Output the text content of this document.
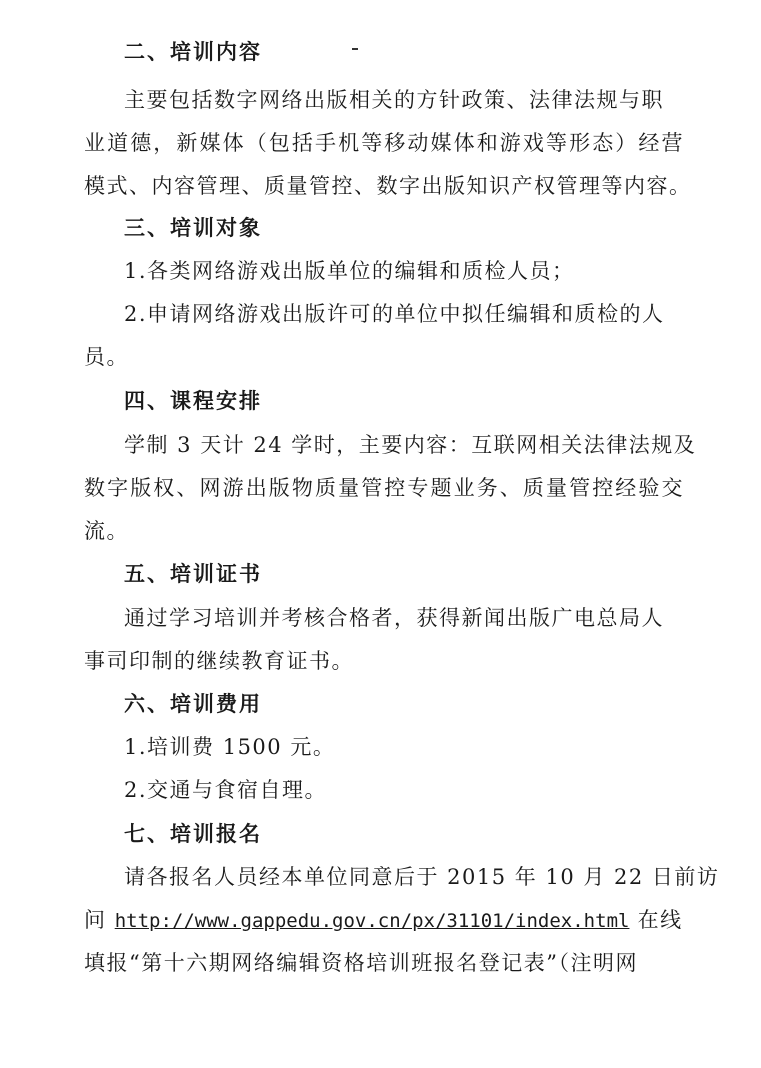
二、培训内容
主要包括数字网络出版相关的方针政策、法律法规与职
业道德，新媒体（包括手机等移动媒体和游戏等形态）经营
模式、内容管理、质量管控、数字出版知识产权管理等内容。
三、培训对象
1.各类网络游戏出版单位的编辑和质检人员；
2.申请网络游戏出版许可的单位中拟任编辑和质检的人
员。
四、课程安排
学制 3 天计 24 学时，主要内容：互联网相关法律法规及
数字版权、网游出版物质量管控专题业务、质量管控经验交
流。
五、培训证书
通过学习培训并考核合格者，获得新闻出版广电总局人
事司印制的继续教育证书。
六、培训费用
1.培训费 1500 元。
2.交通与食宿自理。
七、培训报名
请各报名人员经本单位同意后于 2015 年 10 月 22 日前访
问 http://www.gappedu.gov.cn/px/31101/index.html 在线
填报“第十六期网络编辑资格培训班报名登记表”（注明网
